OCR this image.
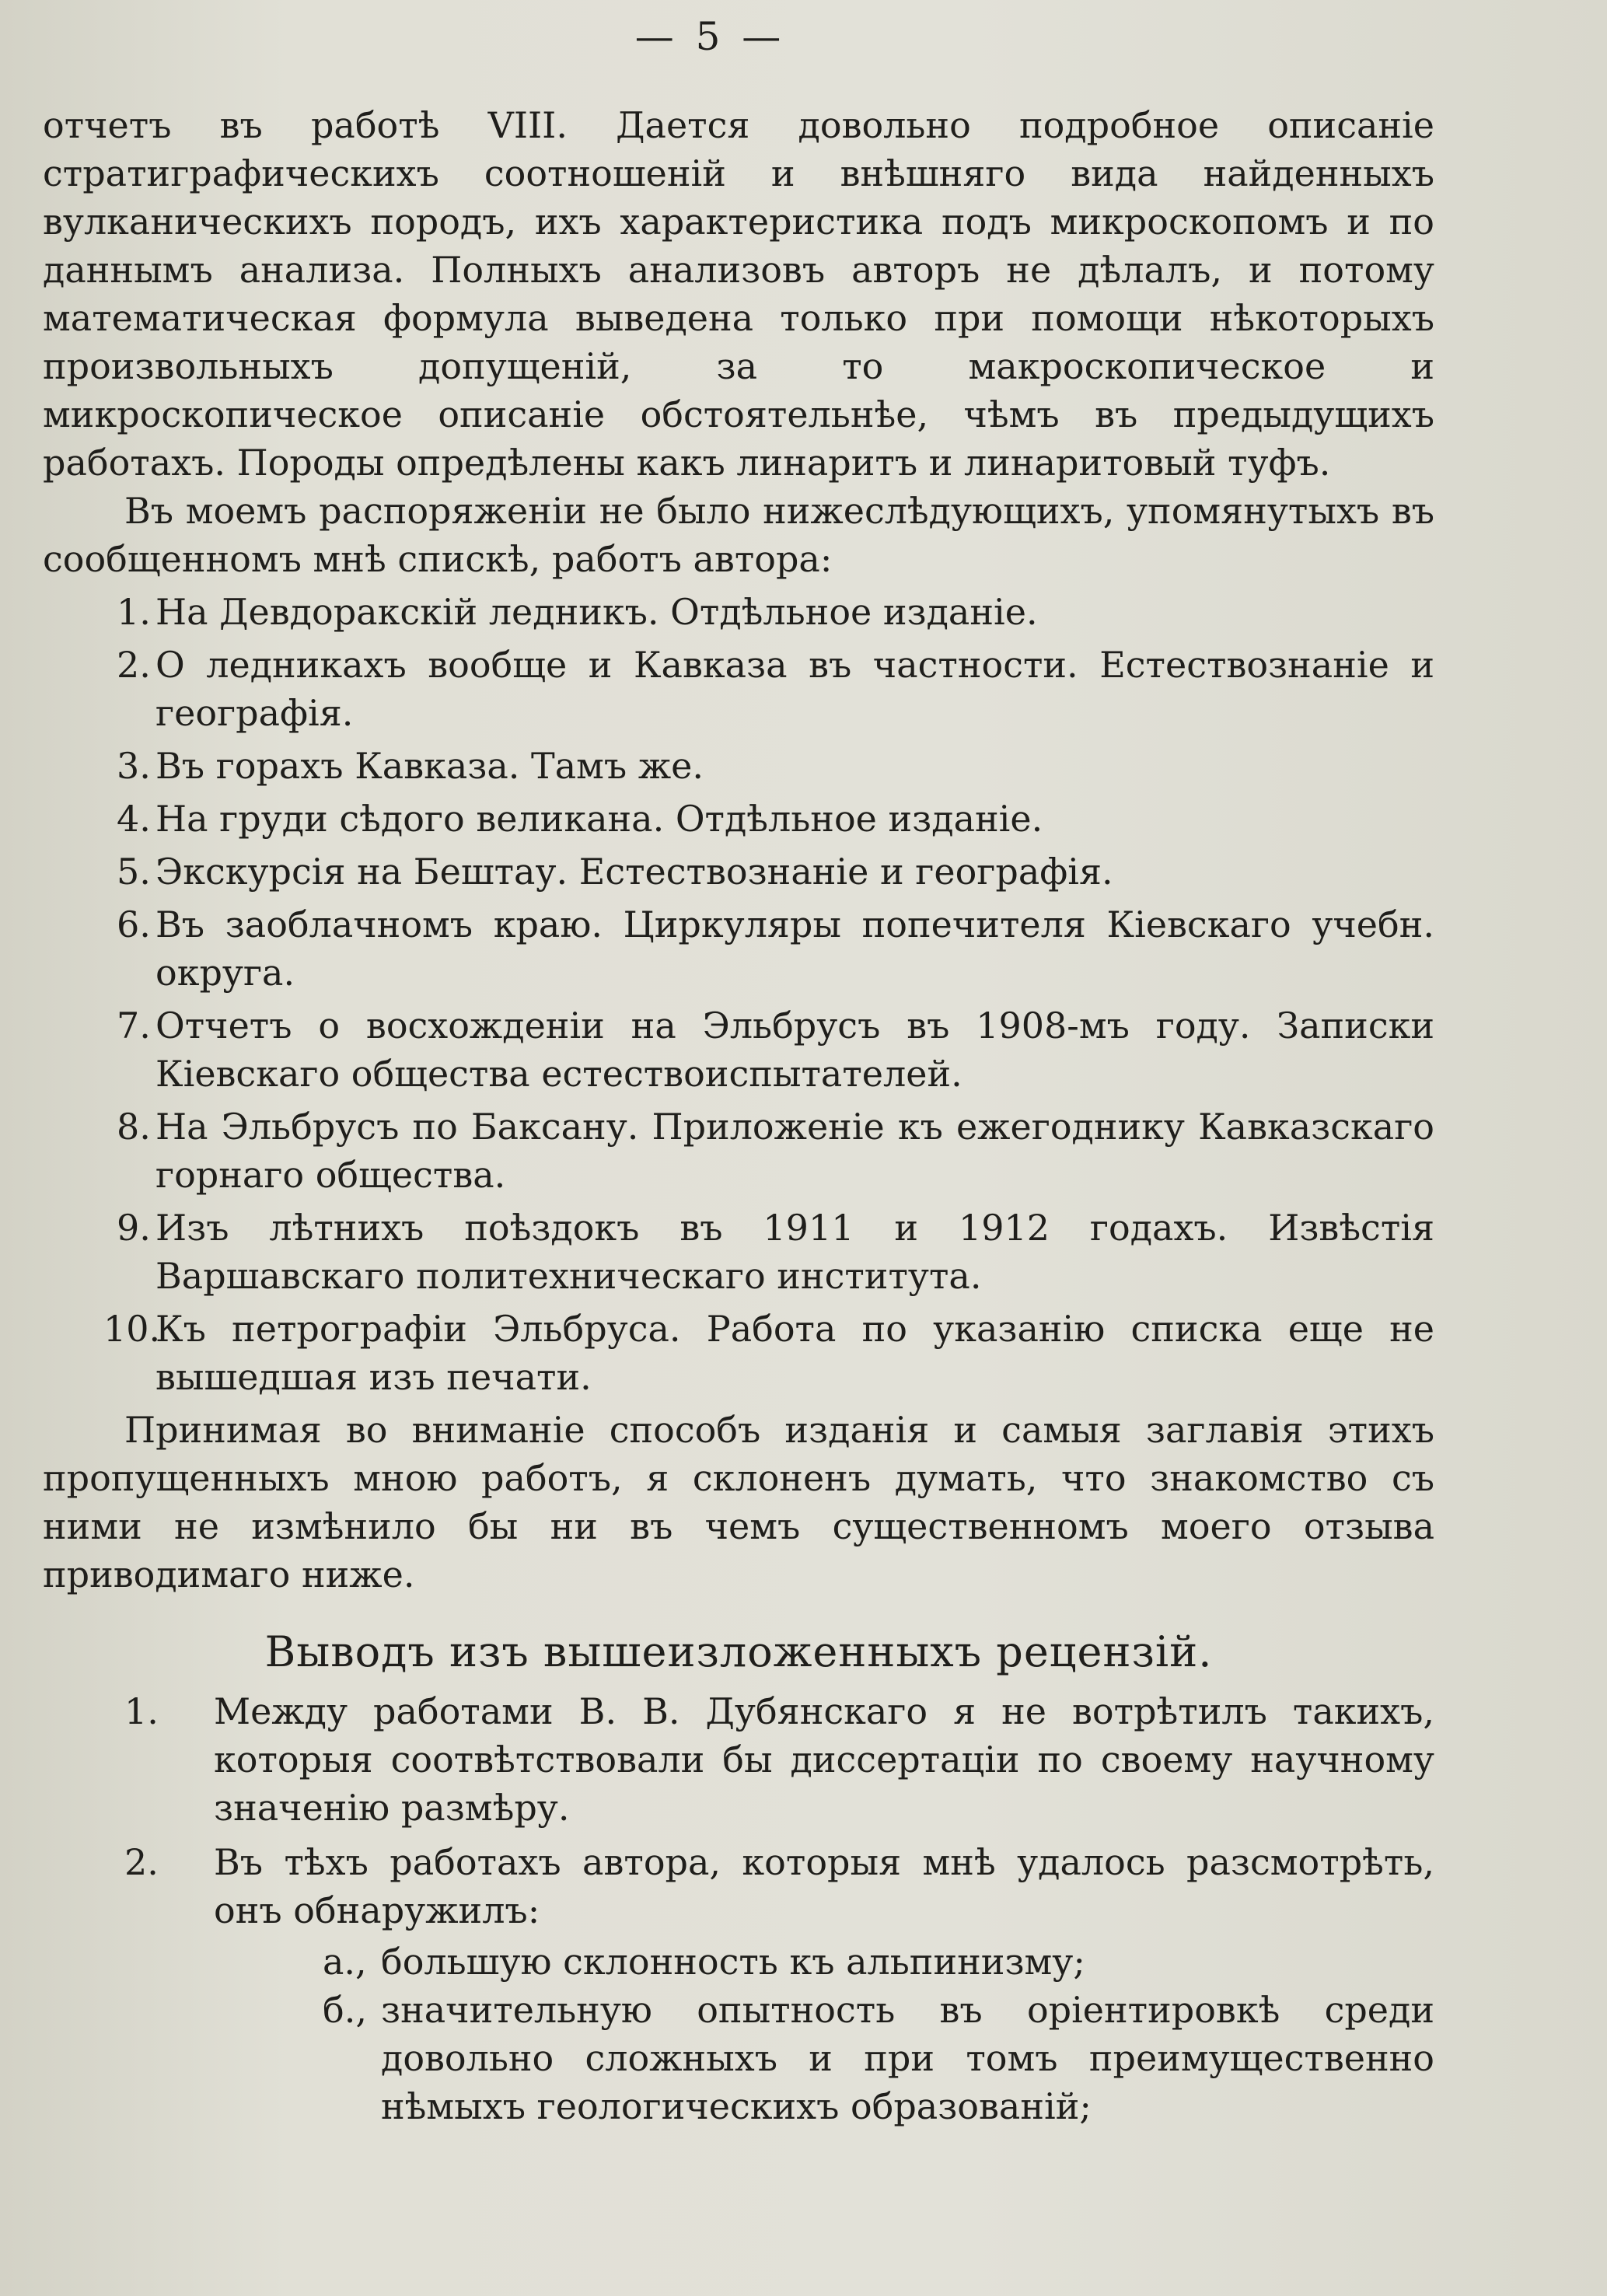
— 5 —

отчетъ въ работѣ VIII. Дается довольно подробное описаніе стратиграфическихъ соотношеній и внѣшняго вида найденныхъ вулканическихъ породъ, ихъ характеристика подъ микроскопомъ и по даннымъ анализа. Полныхъ анализовъ авторъ не дѣлалъ, и потому математическая формула выведена только при помощи нѣкоторыхъ произвольныхъ допущеній, за то макроскопическое и микроскопическое описаніе обстоятельнѣе, чѣмъ въ предыдущихъ работахъ. Породы опредѣлены какъ линаритъ и линаритовый туфъ.

Въ моемъ распоряженіи не было нижеслѣдующихъ, упомянутыхъ въ сообщенномъ мнѣ спискѣ, работъ автора:

1. На Девдоракскій ледникъ. Отдѣльное изданіе.
2. О ледникахъ вообще и Кавказа въ частности. Естествознаніе и географія.
3. Въ горахъ Кавказа. Тамъ же.
4. На груди сѣдого великана. Отдѣльное изданіе.
5. Экскурсія на Бештау. Естествознаніе и географія.
6. Въ заоблачномъ краю. Циркуляры попечителя Кіевскаго учебн. округа.
7. Отчетъ о восхожденіи на Эльбрусъ въ 1908-мъ году. Записки Кіевскаго общества естествоиспытателей.
8. На Эльбрусъ по Баксану. Приложеніе къ ежегоднику Кавказскаго горнаго общества.
9. Изъ лѣтнихъ поѣздокъ въ 1911 и 1912 годахъ. Извѣстія Варшавскаго политехническаго института.
10.
Къ петрографіи Эльбруса. Работа по указанію списка еще не вышедшая изъ печати.

Принимая во вниманіе способъ изданія и самыя заглавія этихъ пропущенныхъ мною работъ, я склоненъ думать, что знакомство съ ними не измѣнило бы ни въ чемъ существенномъ моего отзыва приводимаго ниже.

Выводъ изъ вышеизложенныхъ рецензій.
1.	Между работами В. В. Дубянскаго я не вотрѣтилъ такихъ, которыя соотвѣтствовали бы диссертаціи по своему научному значенію размѣру.
2.	Въ тѣхъ работахъ автора, которыя мнѣ удалось разсмотрѣть, онъ обнаружилъ:
а., большую склонность къ альпинизму;
б., значительную опытность въ оріентировкѣ среди довольно сложныхъ и при томъ преимущественно нѣмыхъ геологическихъ образованій;
